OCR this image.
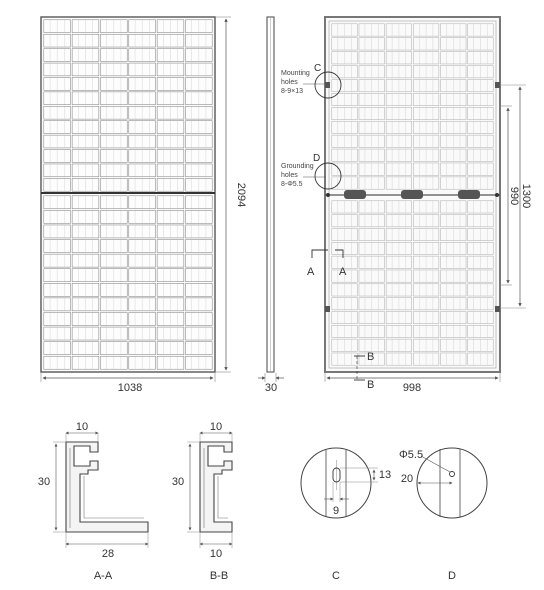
2094
1038	30
C
D
Mounting
holes
8-9×13
Grounding
holes
8-Φ5.5
A A
B
B	998
990 1300
10
30
28
A-A
10
30
10
B-B
13
9
C
Φ5.5
20
D
